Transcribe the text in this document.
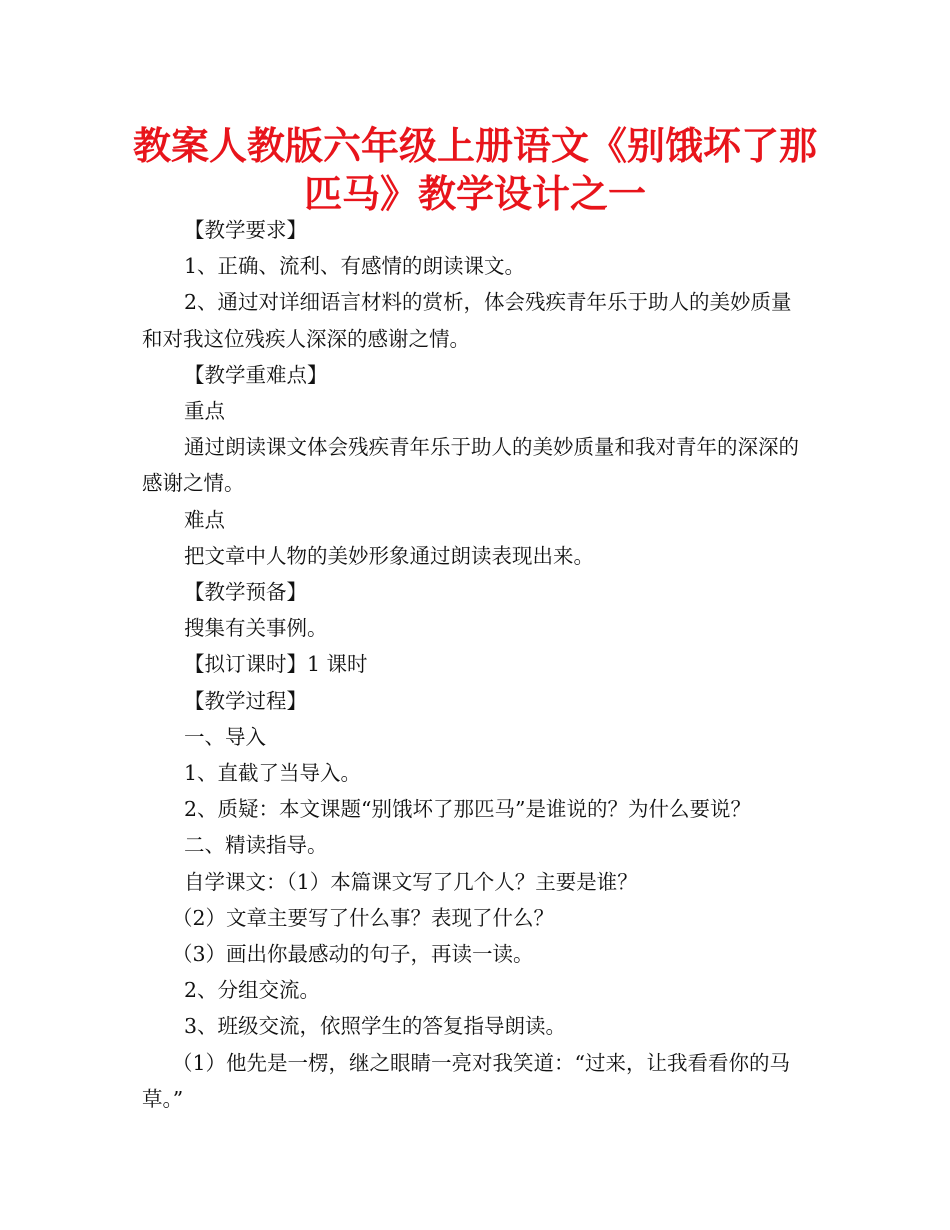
教案人教版六年级上册语文《别饿坏了那
匹马》教学设计之一

【教学要求】

1、正确、流利、有感情的朗读课文。

2、通过对详细语言材料的赏析，体会残疾青年乐于助人的美妙质量和对我这位残疾人深深的感谢之情。

【教学重难点】

重点

通过朗读课文体会残疾青年乐于助人的美妙质量和我对青年的深深的感谢之情。

难点

把文章中人物的美妙形象通过朗读表现出来。

【教学预备】

搜集有关事例。

【拟订课时】1 课时

【教学过程】

一、导入

1、直截了当导入。

2、质疑：本文课题“别饿坏了那匹马”是谁说的？为什么要说？

二、精读指导。

自学课文：（1）本篇课文写了几个人？主要是谁？

（2）文章主要写了什么事？表现了什么？

（3）画出你最感动的句子，再读一读。

2、分组交流。

3、班级交流，依照学生的答复指导朗读。

（1）他先是一楞，继之眼睛一亮对我笑道：“过来，让我看看你的马草。”
